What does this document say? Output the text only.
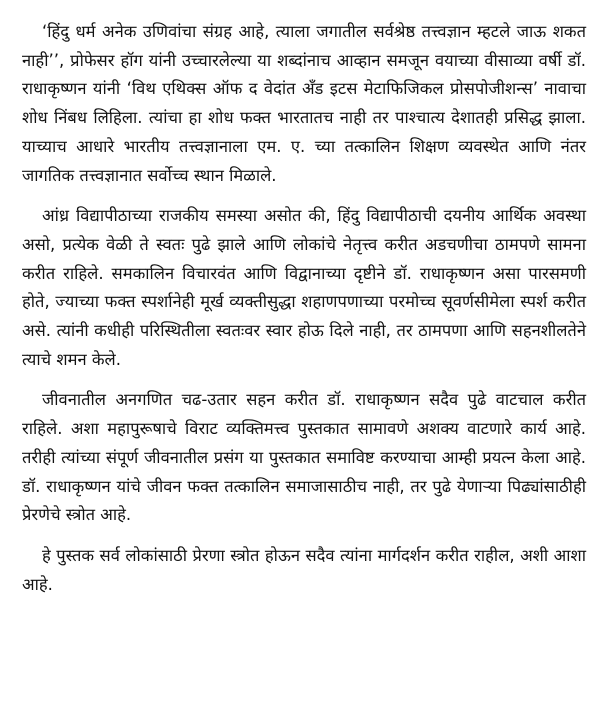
‘हिंदु धर्म अनेक उणिवांचा संग्रह आहे, त्याला जगातील सर्वश्रेष्ठ तत्त्वज्ञान म्हटले जाऊ शकत नाही’’, प्रोफेसर हॉग यांनी उच्चारलेल्या या शब्दांनाच आव्हान समजून वयाच्या वीसाव्या वर्षी डॉ. राधाकृष्णन यांनी ‘विथ एथिक्स ऑफ द वेदांत अँड इटस मेटाफिजिकल प्रोसपोजीशन्स’ नावाचा शोध निंबध लिहिला. त्यांचा हा शोध फक्त भारतातच नाही तर पाश्चात्य देशातही प्रसिद्ध झाला. याच्याच आधारे भारतीय तत्त्वज्ञानाला एम. ए. च्या तत्कालिन शिक्षण व्यवस्थेत आणि नंतर जागतिक तत्त्वज्ञानात सर्वोच्च स्थान मिळाले.

आंध्र विद्यापीठाच्या राजकीय समस्या असोत की, हिंदु विद्यापीठाची दयनीय आर्थिक अवस्था असो, प्रत्येक वेळी ते स्वतः पुढे झाले आणि लोकांचे नेतृत्त्व करीत अडचणीचा ठामपणे सामना करीत राहिले. समकालिन विचारवंत आणि विद्वानाच्या दृष्टीने डॉ. राधाकृष्णन असा पारसमणी होते, ज्याच्या फक्त स्पर्शानेही मूर्ख व्यक्तीसुद्धा शहाणपणाच्या परमोच्च सूवर्णसीमेला स्पर्श करीत असे. त्यांनी कधीही परिस्थितीला स्वतःवर स्वार होऊ दिले नाही, तर ठामपणा आणि सहनशीलतेने त्याचे शमन केले.

जीवनातील अनगणित चढ-उतार सहन करीत डॉ. राधाकृष्णन सदैव पुढे वाटचाल करीत राहिले. अशा महापुरूषाचे विराट व्यक्तिमत्त्व पुस्तकात सामावणे अशक्य वाटणारे कार्य आहे. तरीही त्यांच्या संपूर्ण जीवनातील प्रसंग या पुस्तकात समाविष्ट करण्याचा आम्ही प्रयत्न केला आहे. डॉ. राधाकृष्णन यांचे जीवन फक्त तत्कालिन समाजासाठीच नाही, तर पुढे येणाऱ्या पिढ्यांसाठीही प्रेरणेचे स्त्रोत आहे.

हे पुस्तक सर्व लोकांसाठी प्रेरणा स्त्रोत होऊन सदैव त्यांना मार्गदर्शन करीत राहील, अशी आशा आहे.
